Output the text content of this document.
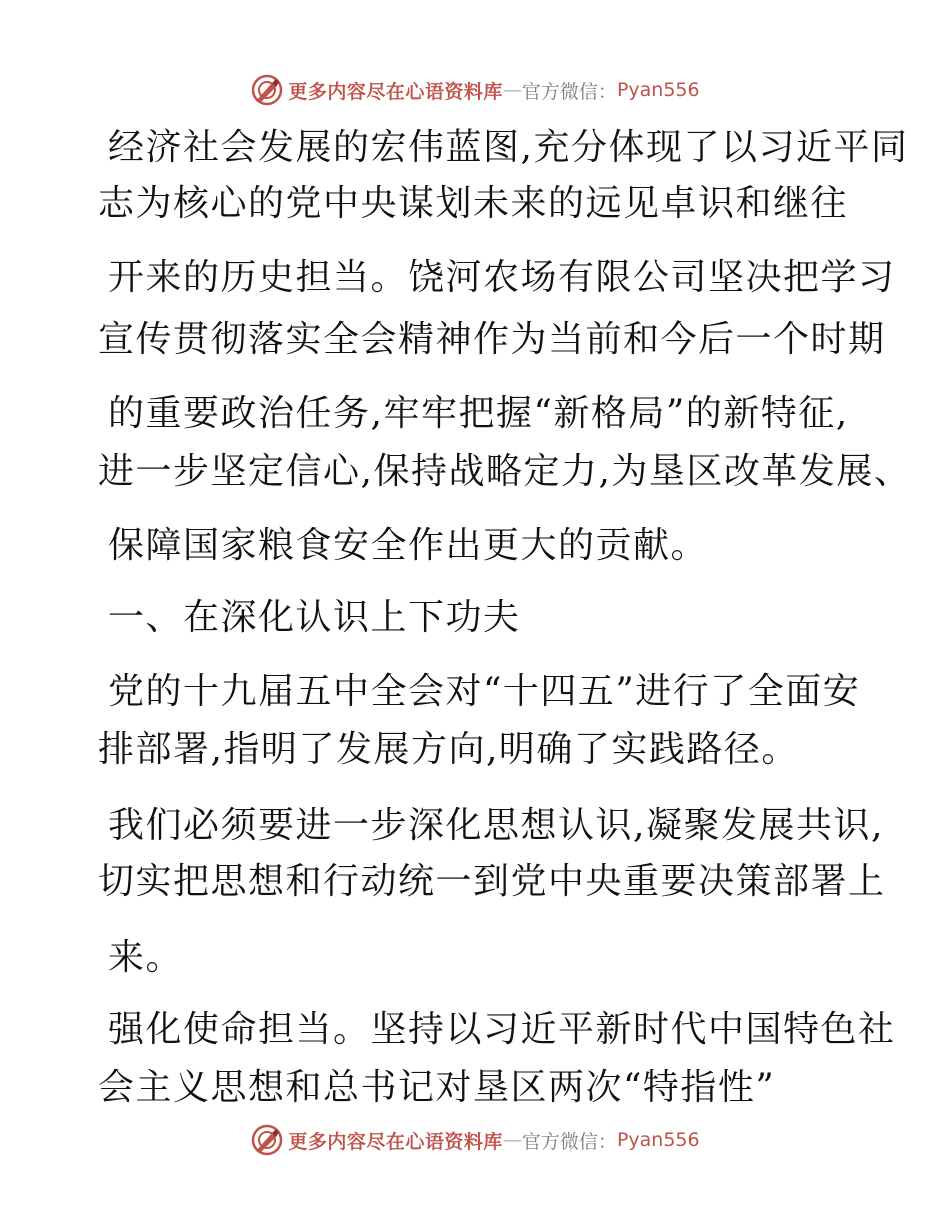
更多内容尽在心语资料库 — 官方微信： Pyan556
经济社会发展的宏伟蓝图,充分体现了以习近平同
志为核心的党中央谋划未来的远见卓识和继往
开来的历史担当。饶河农场有限公司坚决把学习
宣传贯彻落实全会精神作为当前和今后一个时期
的重要政治任务,牢牢把握“新格局”的新特征,
进一步坚定信心,保持战略定力,为垦区改革发展、
保障国家粮食安全作出更大的贡献。
一、在深化认识上下功夫
党的十九届五中全会对“十四五”进行了全面安
排部署,指明了发展方向,明确了实践路径。
我们必须要进一步深化思想认识,凝聚发展共识,
切实把思想和行动统一到党中央重要决策部署上
来。
强化使命担当。坚持以习近平新时代中国特色社
会主义思想和总书记对垦区两次“特指性”
更多内容尽在心语资料库 — 官方微信： Pyan556
